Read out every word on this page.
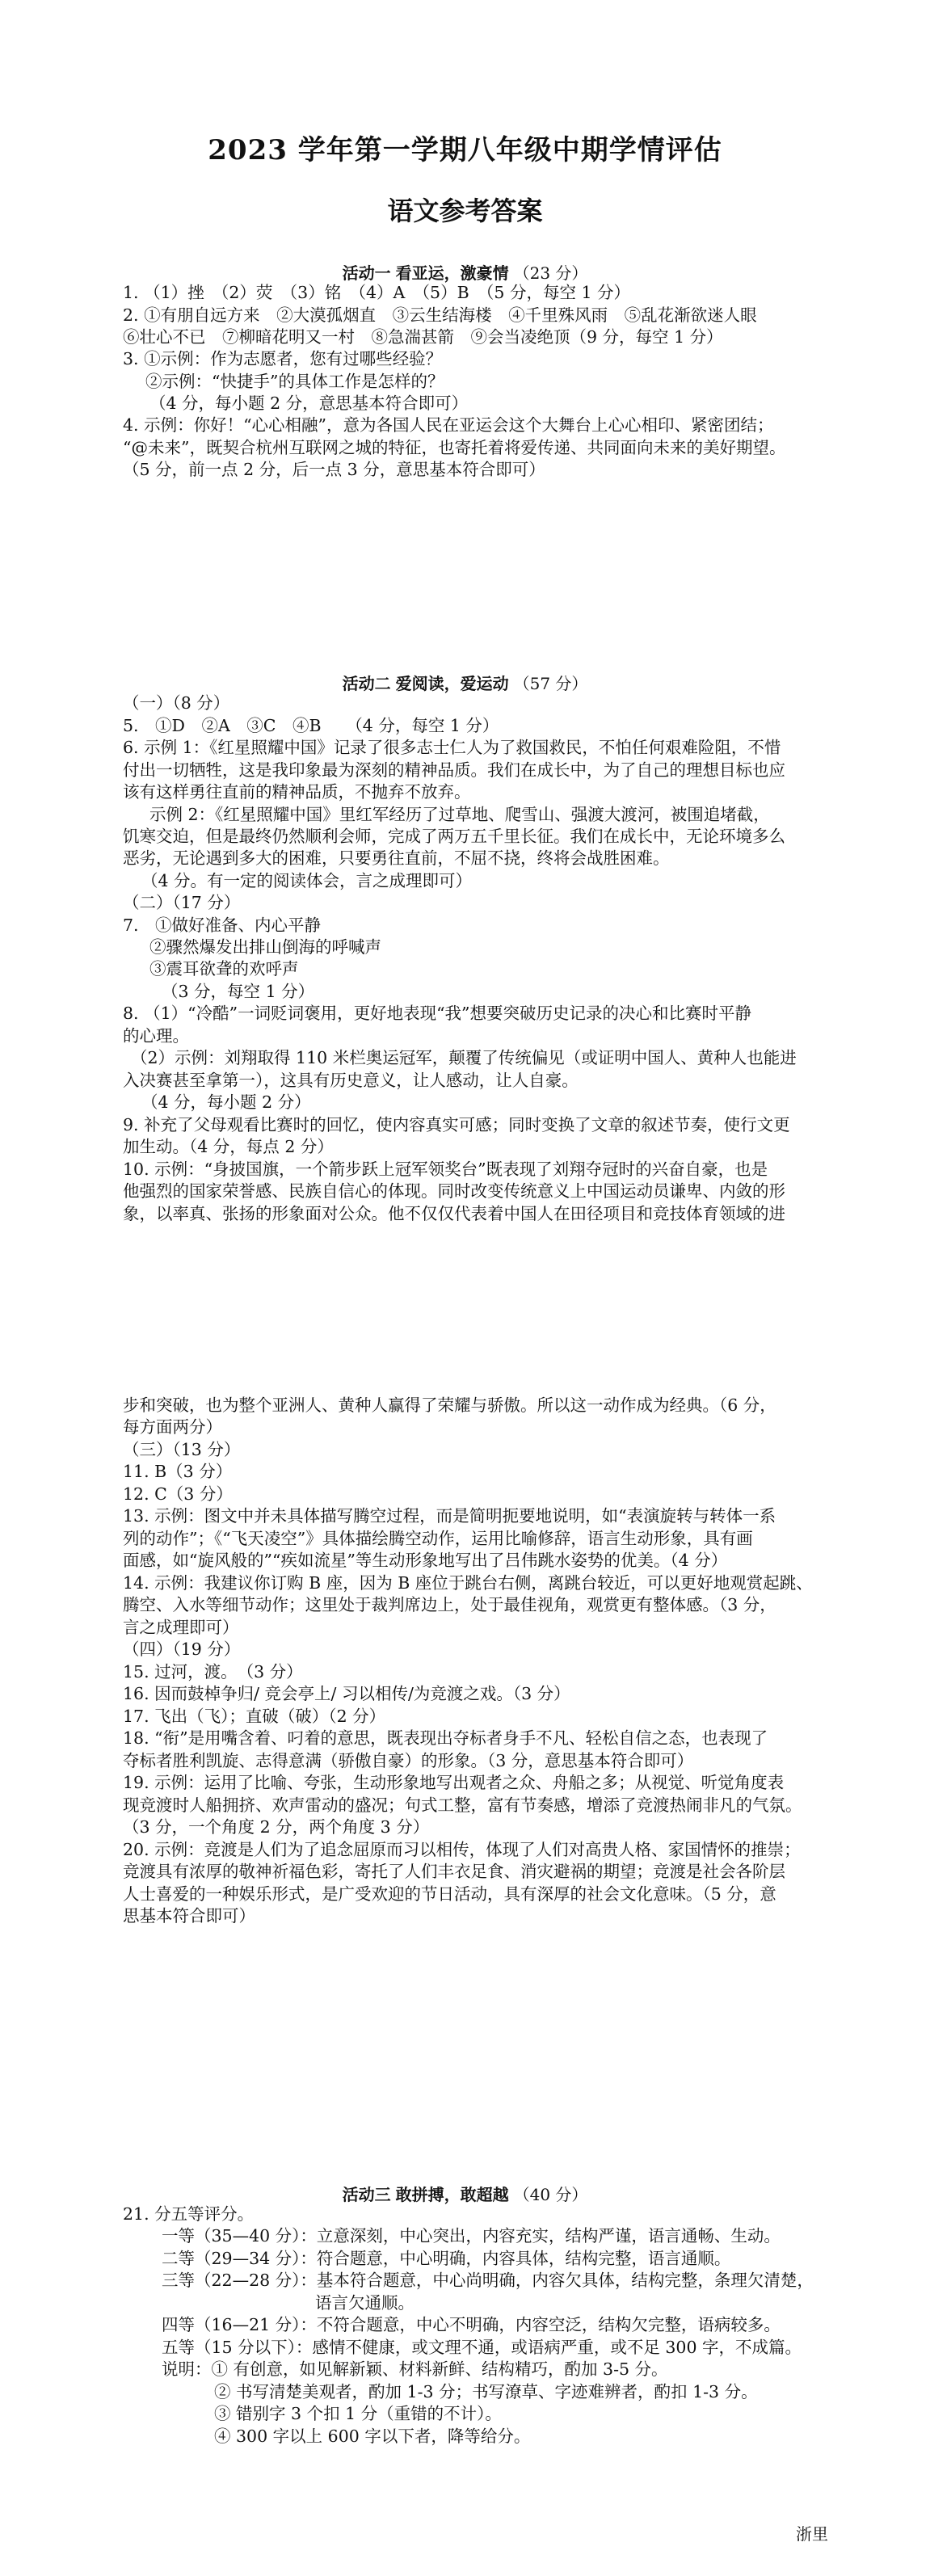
2023 学年第一学期八年级中期学情评估
语文参考答案
活动一 看亚运，激豪情 （23 分）
活动二 爱阅读，爱运动 （57 分）
活动三 敢拼搏，敢超越 （40 分）
1. （1）挫　（2）荧　（3）铭　（4）A　（5）B　（5 分，每空 1 分）
2. ①有朋自远方来　②大漠孤烟直　③云生结海楼　④千里殊风雨　⑤乱花渐欲迷人眼
⑥壮心不已　⑦柳暗花明又一村　⑧急湍甚箭　⑨会当凌绝顶（9 分，每空 1 分）
3. ①示例：作为志愿者，您有过哪些经验？
②示例：“快捷手”的具体工作是怎样的？
（4 分，每小题 2 分，意思基本符合即可）
4. 示例：你好！“心心相融”，意为各国人民在亚运会这个大舞台上心心相印、紧密团结；
“@未来”，既契合杭州互联网之城的特征，也寄托着将爱传递、共同面向未来的美好期望。
（5 分，前一点 2 分，后一点 3 分，意思基本符合即可）
（一）（8 分）
5.　①D　②A　③C　④B　　（4 分，每空 1 分）
6. 示例 1：《红星照耀中国》记录了很多志士仁人为了救国救民，不怕任何艰难险阻，不惜
付出一切牺牲，这是我印象最为深刻的精神品质。我们在成长中，为了自己的理想目标也应
该有这样勇往直前的精神品质，不抛弃不放弃。
示例 2：《红星照耀中国》里红军经历了过草地、爬雪山、强渡大渡河，被围追堵截，
饥寒交迫，但是最终仍然顺利会师，完成了两万五千里长征。我们在成长中，无论环境多么
恶劣，无论遇到多大的困难，只要勇往直前，不屈不挠，终将会战胜困难。
（4 分。有一定的阅读体会，言之成理即可）
（二）（17 分）
7.　①做好准备、内心平静
②骤然爆发出排山倒海的呼喊声
③震耳欲聋的欢呼声
（3 分，每空 1 分）
8. （1）“冷酷”一词贬词褒用，更好地表现“我”想要突破历史记录的决心和比赛时平静
的心理。
（2）示例：刘翔取得 110 米栏奥运冠军，颠覆了传统偏见（或证明中国人、黄种人也能进
入决赛甚至拿第一），这具有历史意义，让人感动，让人自豪。
（4 分，每小题 2 分）
9. 补充了父母观看比赛时的回忆，使内容真实可感；同时变换了文章的叙述节奏，使行文更
加生动。（4 分，每点 2 分）
10. 示例：“身披国旗，一个箭步跃上冠军领奖台”既表现了刘翔夺冠时的兴奋自豪，也是
他强烈的国家荣誉感、民族自信心的体现。同时改变传统意义上中国运动员谦卑、内敛的形
象，以率真、张扬的形象面对公众。他不仅仅代表着中国人在田径项目和竞技体育领域的进
步和突破，也为整个亚洲人、黄种人赢得了荣耀与骄傲。所以这一动作成为经典。（6 分，
每方面两分）
（三）（13 分）
11. B（3 分）
12. C（3 分）
13. 示例：图文中并未具体描写腾空过程，而是简明扼要地说明，如“表演旋转与转体一系
列的动作”；《“飞天凌空”》具体描绘腾空动作，运用比喻修辞，语言生动形象，具有画
面感，如“旋风般的”“疾如流星”等生动形象地写出了吕伟跳水姿势的优美。（4 分）
14. 示例：我建议你订购 B 座，因为 B 座位于跳台右侧，离跳台较近，可以更好地观赏起跳、
腾空、入水等细节动作；这里处于裁判席边上，处于最佳视角，观赏更有整体感。（3 分，
言之成理即可）
（四）（19 分）
15. 过河，渡。　（3 分）
16. 因而鼓棹争归/ 竞会亭上/ 习以相传/为竞渡之戏。（3 分）
17. 飞出（飞）；直破（破）（2 分）
18. “衔”是用嘴含着、叼着的意思，既表现出夺标者身手不凡、轻松自信之态，也表现了
夺标者胜利凯旋、志得意满（骄傲自豪）的形象。（3 分，意思基本符合即可）
19. 示例：运用了比喻、夸张，生动形象地写出观者之众、舟船之多；从视觉、听觉角度表
现竞渡时人船拥挤、欢声雷动的盛况；句式工整，富有节奏感，增添了竞渡热闹非凡的气氛。
（3 分，一个角度 2 分，两个角度 3 分）
20. 示例：竞渡是人们为了追念屈原而习以相传，体现了人们对高贵人格、家国情怀的推崇；
竞渡具有浓厚的敬神祈福色彩，寄托了人们丰衣足食、消灾避祸的期望；竞渡是社会各阶层
人士喜爱的一种娱乐形式，是广受欢迎的节日活动，具有深厚的社会文化意味。（5 分，意
思基本符合即可）
21. 分五等评分。
一等（35—40 分）：立意深刻，中心突出，内容充实，结构严谨，语言通畅、生动。
二等（29—34 分）：符合题意，中心明确，内容具体，结构完整，语言通顺。
三等（22—28 分）：基本符合题意，中心尚明确，内容欠具体，结构完整，条理欠清楚，
语言欠通顺。
四等（16—21 分）：不符合题意，中心不明确，内容空泛，结构欠完整，语病较多。
五等（15 分以下）：感情不健康，或文理不通，或语病严重，或不足 300 字，不成篇。
说明：① 有创意，如见解新颖、材料新鲜、结构精巧，酌加 3-5 分。
② 书写清楚美观者，酌加 1-3 分；书写潦草、字迹难辨者，酌扣 1-3 分。
③ 错别字 3 个扣 1 分（重错的不计）。
④ 300 字以上 600 字以下者，降等给分。
浙里
